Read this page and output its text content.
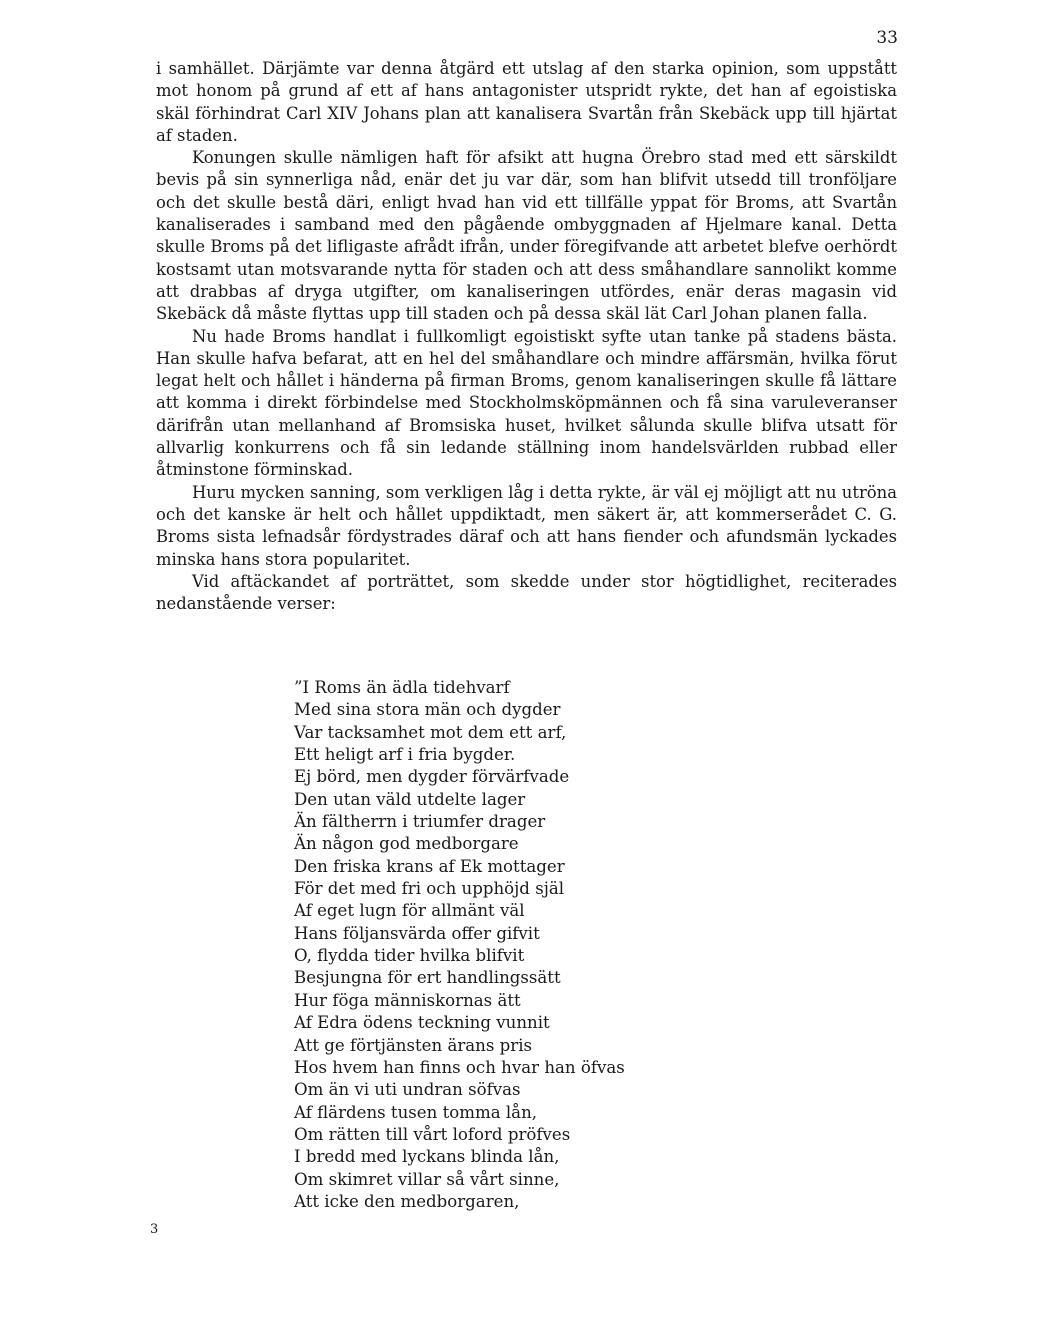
33

i samhället. Därjämte var denna åtgärd ett utslag af den starka opinion, som uppstått mot honom på grund af ett af hans antagonister utspridt rykte, det han af egoistiska skäl förhindrat Carl XIV Johans plan att kanalisera Svartån från Skebäck upp till hjärtat af staden.

Konungen skulle nämligen haft för afsikt att hugna Örebro stad med ett särskildt bevis på sin synnerliga nåd, enär det ju var där, som han blifvit utsedd till tronföljare och det skulle bestå däri, enligt hvad han vid ett tillfälle yppat för Broms, att Svartån kanaliserades i samband med den pågående ombyggnaden af Hjelmare kanal. Detta skulle Broms på det lifligaste afrådt ifrån, under föregifvande att arbetet blefve oerhördt kostsamt utan motsvarande nytta för staden och att dess småhandlare sannolikt komme att drabbas af dryga utgifter, om kanaliseringen utfördes, enär deras magasin vid Skebäck då måste flyttas upp till staden och på dessa skäl lät Carl Johan planen falla.

Nu hade Broms handlat i fullkomligt egoistiskt syfte utan tanke på stadens bästa. Han skulle hafva befarat, att en hel del småhandlare och mindre affärsmän, hvilka förut legat helt och hållet i händerna på firman Broms, genom kanaliseringen skulle få lättare att komma i direkt förbindelse med Stockholmsköpmännen och få sina varuleveranser därifrån utan mellanhand af Bromsiska huset, hvilket sålunda skulle blifva utsatt för allvarlig konkurrens och få sin ledande ställning inom handelsvärlden rubbad eller åtminstone förminskad.

Huru mycken sanning, som verkligen låg i detta rykte, är väl ej möjligt att nu utröna och det kanske är helt och hållet uppdiktadt, men säkert är, att kommerserådet C. G. Broms sista lefnadsår fördystrades däraf och att hans fiender och afundsmän lyckades minska hans stora popularitet.

Vid aftäckandet af porträttet, som skedde under stor högtidlighet, reciterades nedanstående verser:

”I Roms än ädla tidehvarf
Med sina stora män och dygder
Var tacksamhet mot dem ett arf,
Ett heligt arf i fria bygder.
Ej börd, men dygder förvärfvade
Den utan väld utdelte lager
Än fältherrn i triumfer drager
Än någon god medborgare
Den friska krans af Ek mottager
För det med fri och upphöjd själ
Af eget lugn för allmänt väl
Hans följansvärda offer gifvit
O, flydda tider hvilka blifvit
Besjungna för ert handlingssätt
Hur föga människornas ätt
Af Edra ödens teckning vunnit
Att ge förtjänsten ärans pris
Hos hvem han finns och hvar han öfvas
Om än vi uti undran söfvas
Af flärdens tusen tomma lån,
Om rätten till vårt loford pröfves
I bredd med lyckans blinda lån,
Om skimret villar så vårt sinne,
Att icke den medborgaren,
3
